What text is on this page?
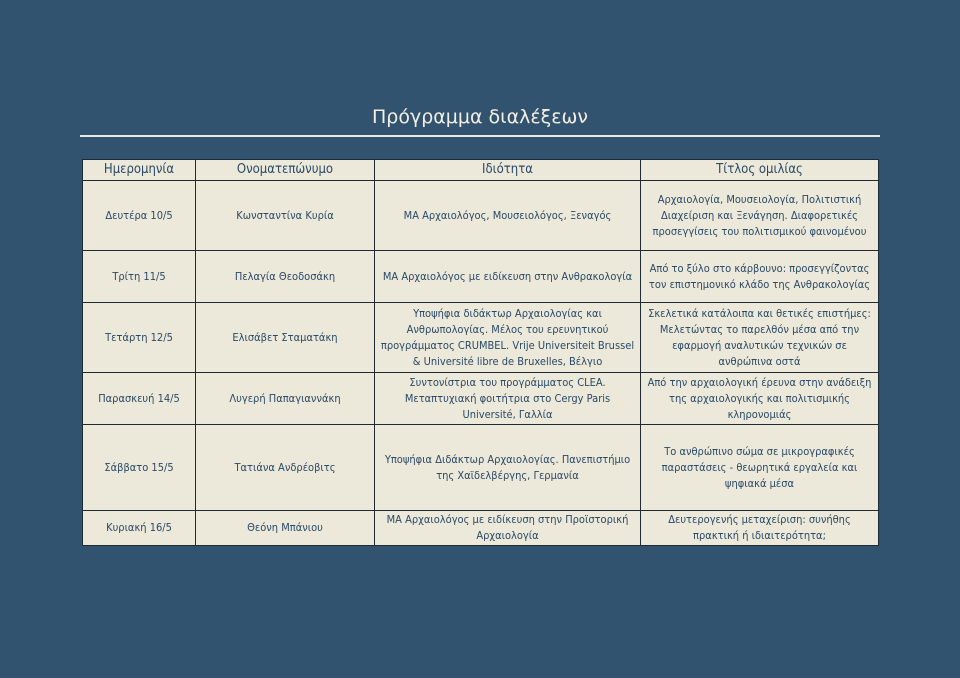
Πρόγραμμα διαλέξεων
Ημερομηνία	Ονοματεπώνυμο	Ιδιότητα	Τίτλος ομιλίας
Δευτέρα 10/5	Κωνσταντίνα Κυρία	ΜΑ Αρχαιολόγος, Μουσειολόγος, Ξεναγός	Αρχαιολογία, Μουσειολογία, Πολιτιστική Διαχείριση και Ξενάγηση. Διαφορετικές προσεγγίσεις του πολιτισμικού φαινομένου
Τρίτη 11/5	Πελαγία Θεοδοσάκη	ΜΑ Αρχαιολόγος με ειδίκευση στην Ανθρακολογία	Από το ξύλο στο κάρβουνο: προσεγγίζοντας τον επιστημονικό κλάδο της Ανθρακολογίας
Τετάρτη 12/5	Ελισάβετ Σταματάκη	Υποψήφια διδάκτωρ Αρχαιολογίας και Ανθρωπολογίας. Μέλος του ερευνητικού προγράμματος CRUMBEL. Vrije Universiteit Brussel & Université libre de Bruxelles, Βέλγιο	Σκελετικά κατάλοιπα και θετικές επιστήμες: Μελετώντας το παρελθόν μέσα από την εφαρμογή αναλυτικών τεχνικών σε ανθρώπινα οστά
Παρασκευή 14/5	Λυγερή Παπαγιαννάκη	Συντονίστρια του προγράμματος CLEA. Μεταπτυχιακή φοιτήτρια στο Cergy Paris Université, Γαλλία	Από την αρχαιολογική έρευνα στην ανάδειξη της αρχαιολογικής και πολιτισμικής κληρονομιάς
Σάββατο 15/5	Τατιάνα Ανδρέοβιτς	Υποψήφια Διδάκτωρ Αρχαιολογίας. Πανεπιστήμιο της Χαϊδελβέργης, Γερμανία	Το ανθρώπινο σώμα σε μικρογραφικές παραστάσεις - θεωρητικά εργαλεία και ψηφιακά μέσα
Κυριακή 16/5	Θεόνη Μπάνιου	ΜΑ Αρχαιολόγος με ειδίκευση στην Προϊστορική Αρχαιολογία	Δευτερογενής μεταχείριση: συνήθης πρακτική ή ιδιαιτερότητα;
